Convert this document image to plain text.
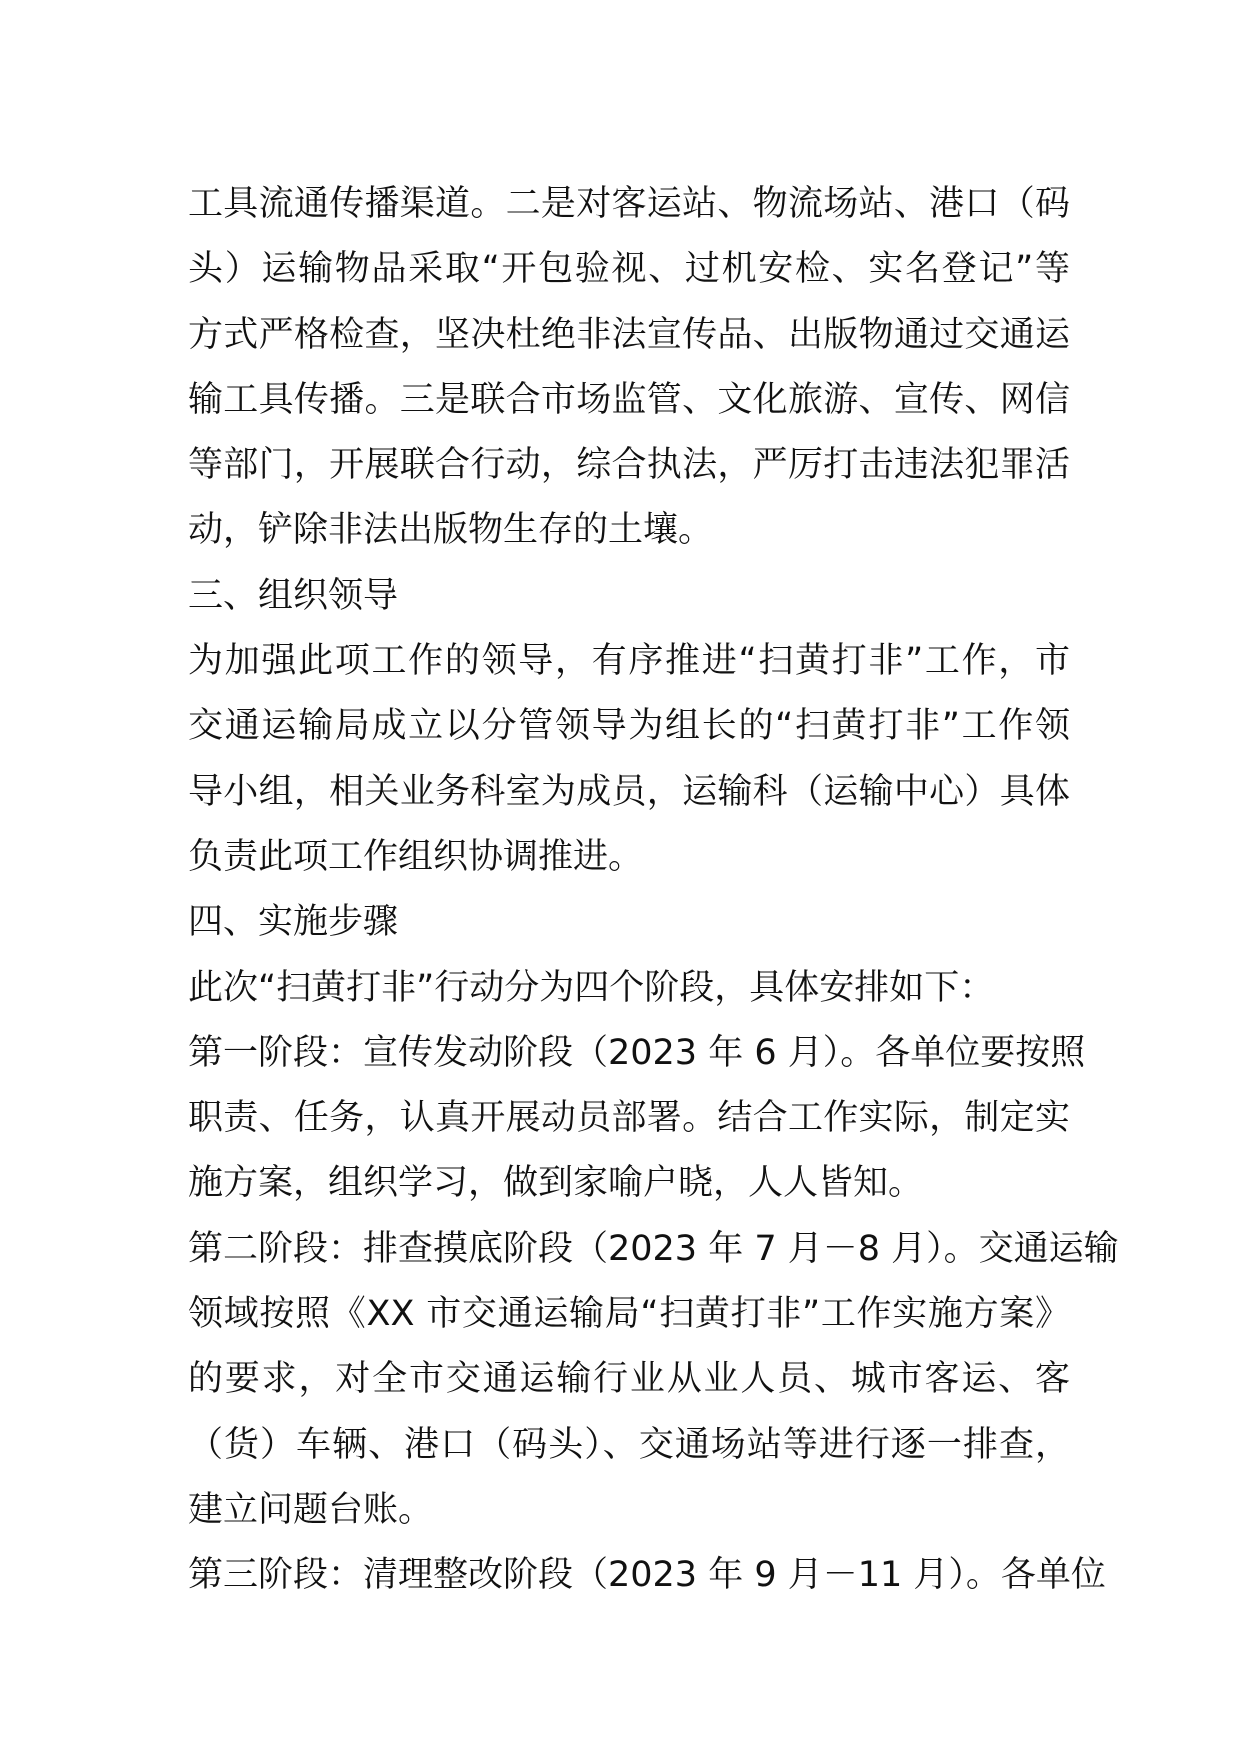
工具流通传播渠道。二是对客运站、物流场站、港口（码
头）运输物品采取“开包验视、过机安检、实名登记”等
方式严格检查，坚决杜绝非法宣传品、出版物通过交通运
输工具传播。三是联合市场监管、文化旅游、宣传、网信
等部门，开展联合行动，综合执法，严厉打击违法犯罪活
动，铲除非法出版物生存的土壤。
三、组织领导
为加强此项工作的领导，有序推进“扫黄打非”工作，市
交通运输局成立以分管领导为组长的“扫黄打非”工作领
导小组，相关业务科室为成员，运输科（运输中心）具体
负责此项工作组织协调推进。
四、实施步骤
此次“扫黄打非”行动分为四个阶段，具体安排如下：
第一阶段：宣传发动阶段（2023 年 6 月）。各单位要按照
职责、任务，认真开展动员部署。结合工作实际，制定实
施方案，组织学习，做到家喻户晓，人人皆知。
第二阶段：排查摸底阶段（2023 年 7 月－8 月）。交通运输
领域按照《XX 市交通运输局“扫黄打非”工作实施方案》
的要求，对全市交通运输行业从业人员、城市客运、客
（货）车辆、港口（码头）、交通场站等进行逐一排查，
建立问题台账。
第三阶段：清理整改阶段（2023 年 9 月－11 月）。各单位
